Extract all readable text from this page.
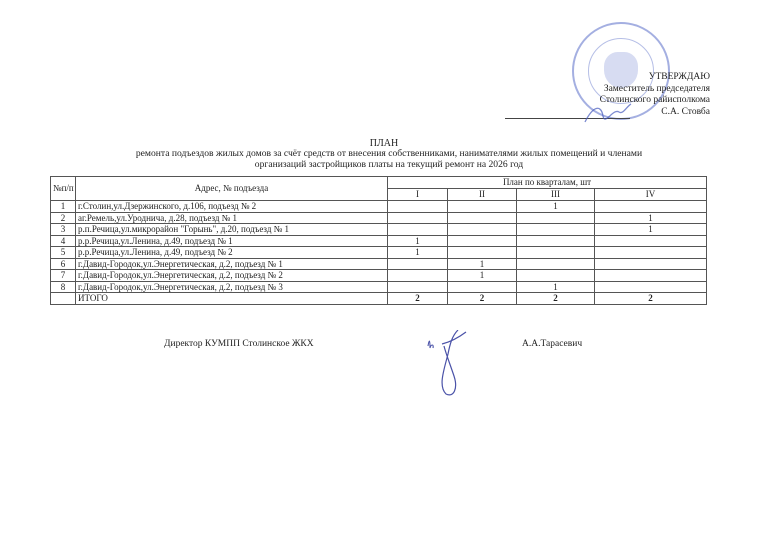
УТВЕРЖДАЮ
Заместитель председателя
Столинского райисполкома
С.А. Стовба
ПЛАН
ремонта подъездов жилых домов за счёт средств от внесения собственниками, нанимателями жилых помещений и членами
организаций застройщиков платы на текущий ремонт на 2026 год
№п/п	Адрес, № подъезда	План по кварталам, шт			
		I	II	III	IV
1	г.Столин,ул.Дзержинского, д.106, подъезд № 2			1	
2	аг.Ремель,ул.Уроднича, д.28, подъезд № 1				1
3	р.п.Речица,ул.микрорайон "Горынь", д.20, подъезд № 1				1
4	р.р.Речица,ул.Ленина, д.49, подъезд № 1	1			
5	р.р.Речица,ул.Ленина, д.49, подъезд № 2	1			
6	г.Давид-Городок,ул.Энергетическая, д.2, подъезд № 1		1		
7	г.Давид-Городок,ул.Энергетическая, д.2, подъезд № 2		1		
8	г.Давид-Городок,ул.Энергетическая, д.2, подъезд № 3			1	
	ИТОГО	2	2	2	2
Директор КУМПП Столинское ЖКХ	А.А.Тарасевич
